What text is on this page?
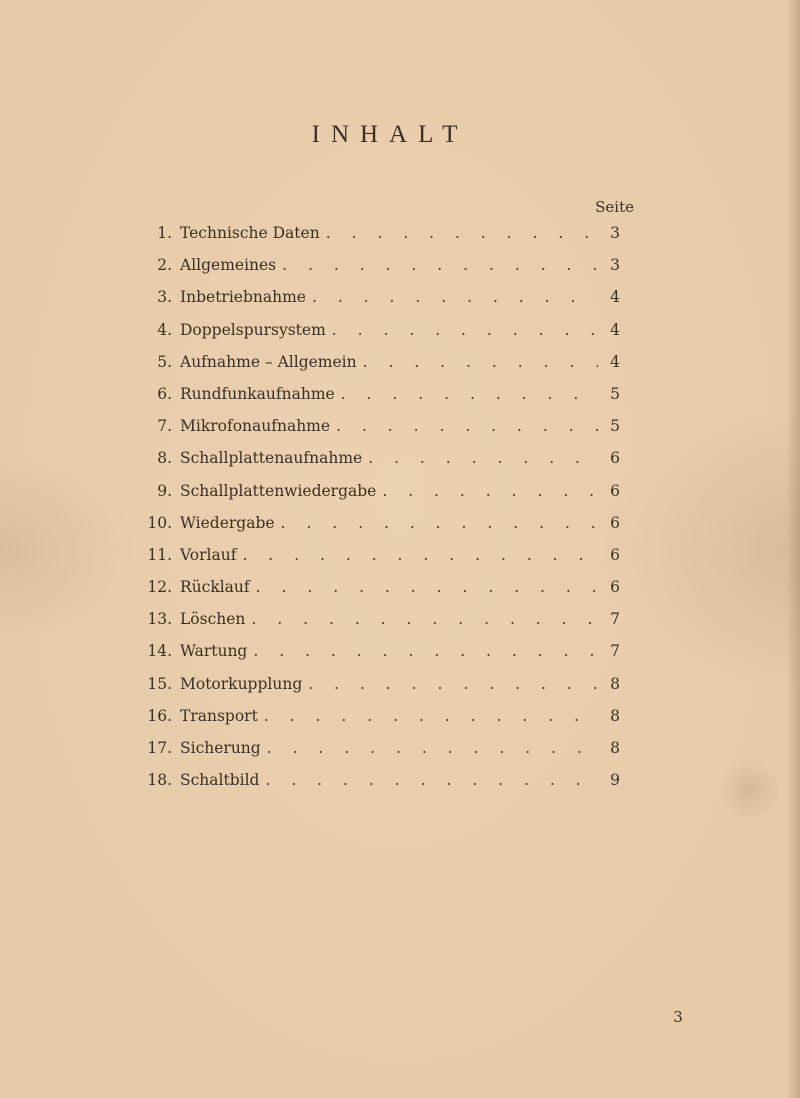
INHALT
Seite
1. Technische Daten . . .	3
2. Allgemeines . . .	3
3. Inbetriebnahme . . .	4
4. Doppelspursystem . . .	4
5. Aufnahme – Allgemein . . .	4
6. Rundfunkaufnahme . . .	5
7. Mikrofonaufnahme . . .	5
8. Schallplattenaufnahme . . .	6
9. Schallplattenwiedergabe . . .	6
10. Wiedergabe . . .	6
11. Vorlauf . . .	6
12. Rücklauf . . .	6
13. Löschen . . .	7
14. Wartung . . .	7
15. Motorkupplung . . .	8
16. Transport . . .	8
17. Sicherung . . .	8
18. Schaltbild . . .	9
3
